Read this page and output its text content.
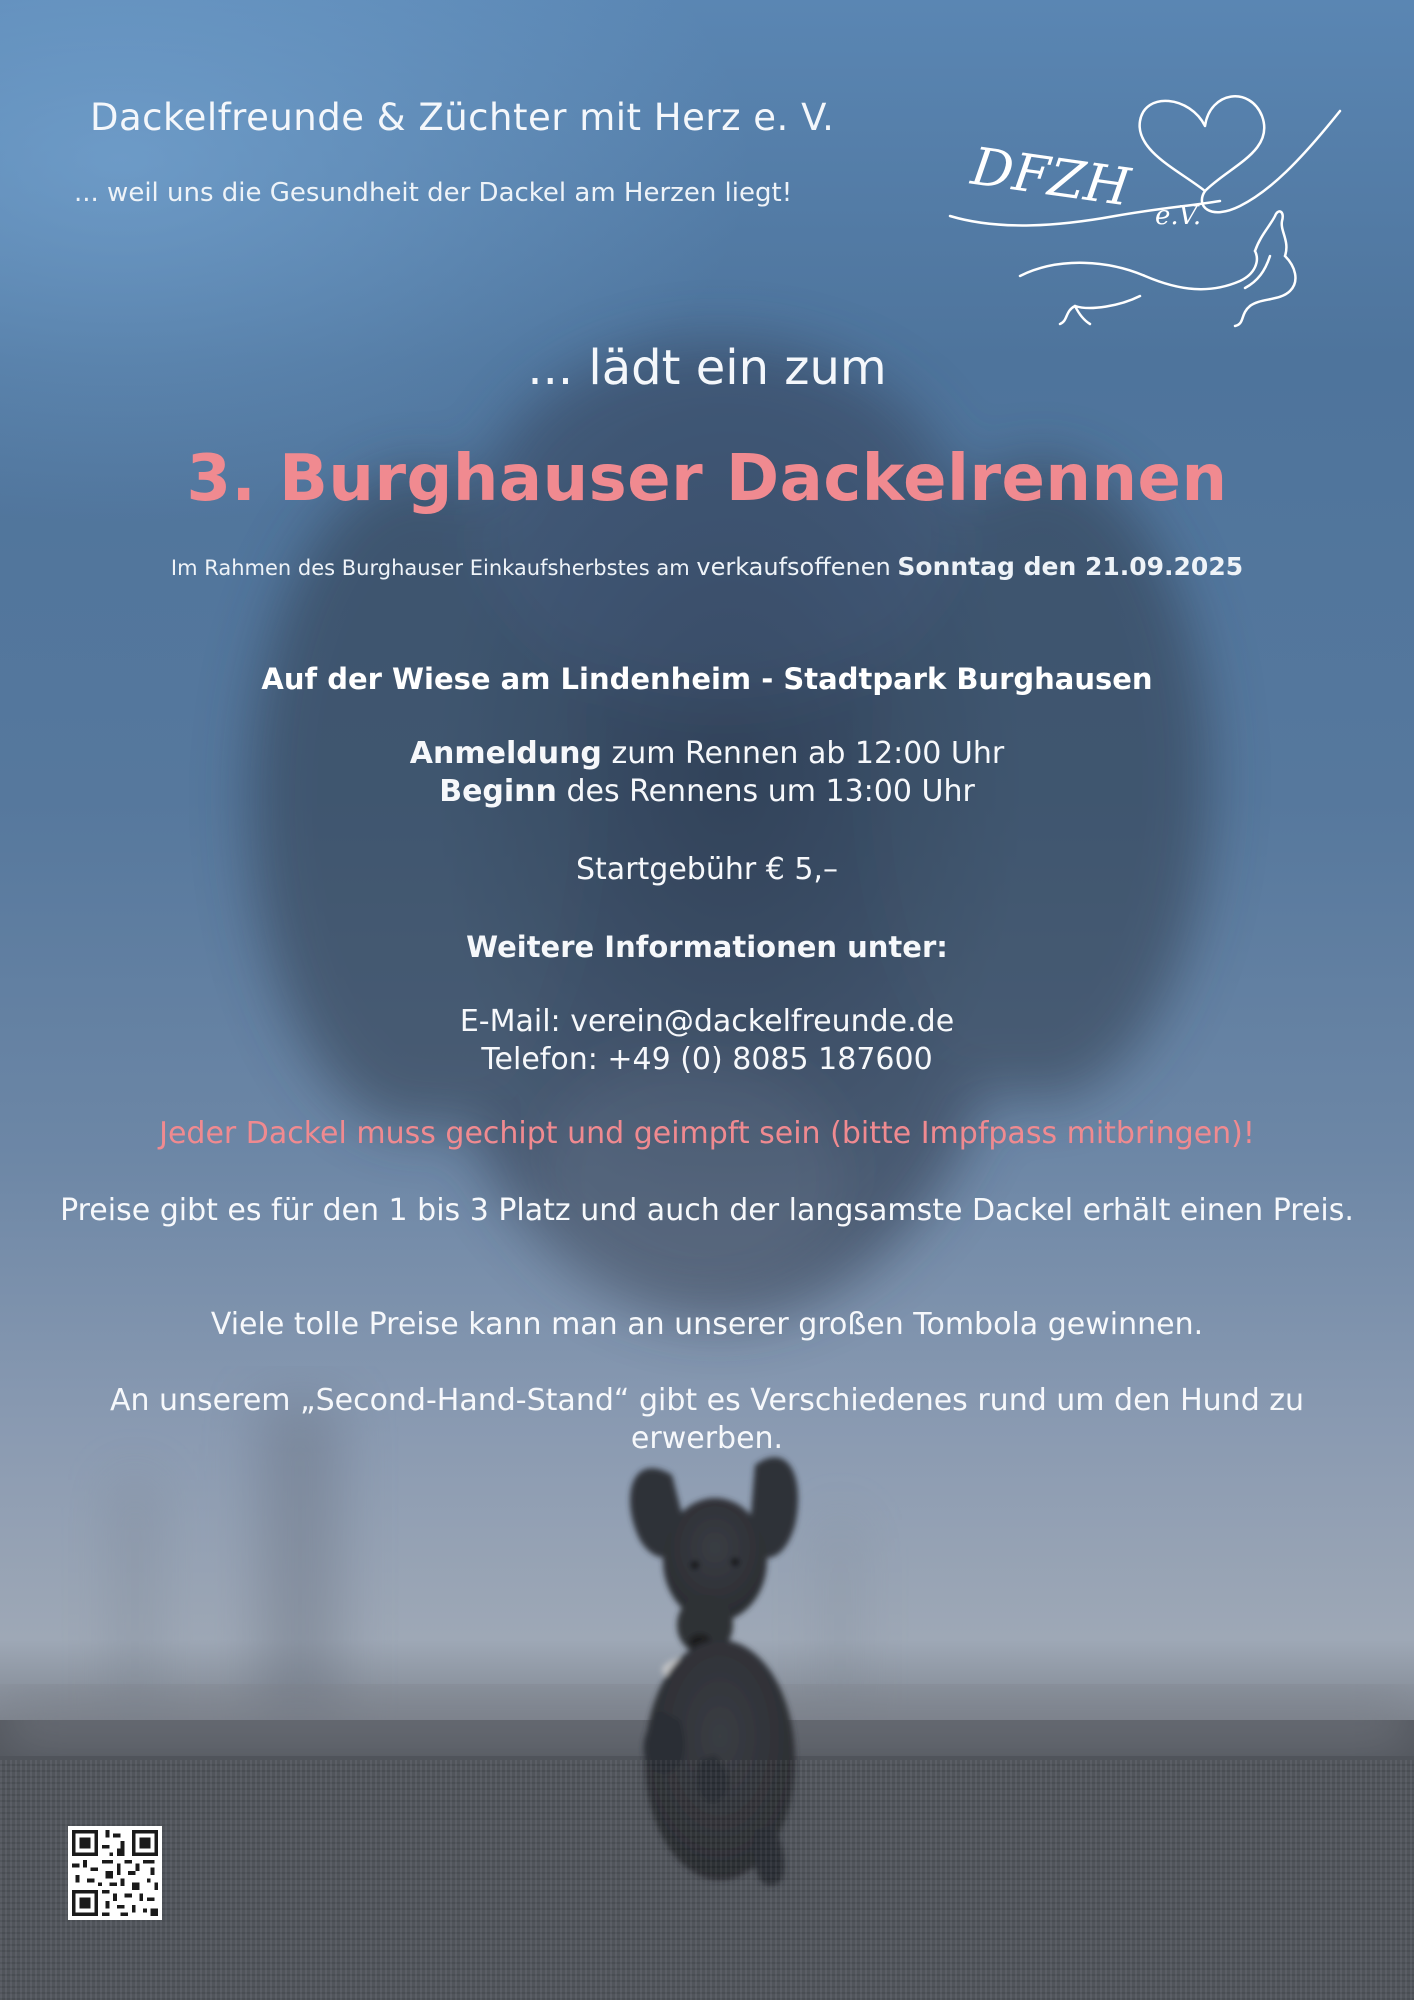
Dackelfreunde & Züchter mit Herz e. V.

... weil uns die Gesundheit der Dackel am Herzen liegt!	DFZH e.V.

... lädt ein zum

3. Burghauser Dackelrennen

Im Rahmen des Burghauser Einkaufsherbstes am verkaufsoffenen Sonntag den 21.09.2025

Auf der Wiese am Lindenheim - Stadtpark Burghausen

Anmeldung zum Rennen ab 12:00 Uhr

Beginn des Rennens um 13:00 Uhr

Startgebühr € 5,–

Weitere Informationen unter:

E-Mail: verein@dackelfreunde.de

Telefon: +49 (0) 8085 187600

Jeder Dackel muss gechipt und geimpft sein (bitte Impfpass mitbringen)!

Preise gibt es für den 1 bis 3 Platz und auch der langsamste Dackel erhält einen Preis.

Viele tolle Preise kann man an unserer großen Tombola gewinnen.

An unserem „Second-Hand-Stand“ gibt es Verschiedenes rund um den Hund zu erwerben.
